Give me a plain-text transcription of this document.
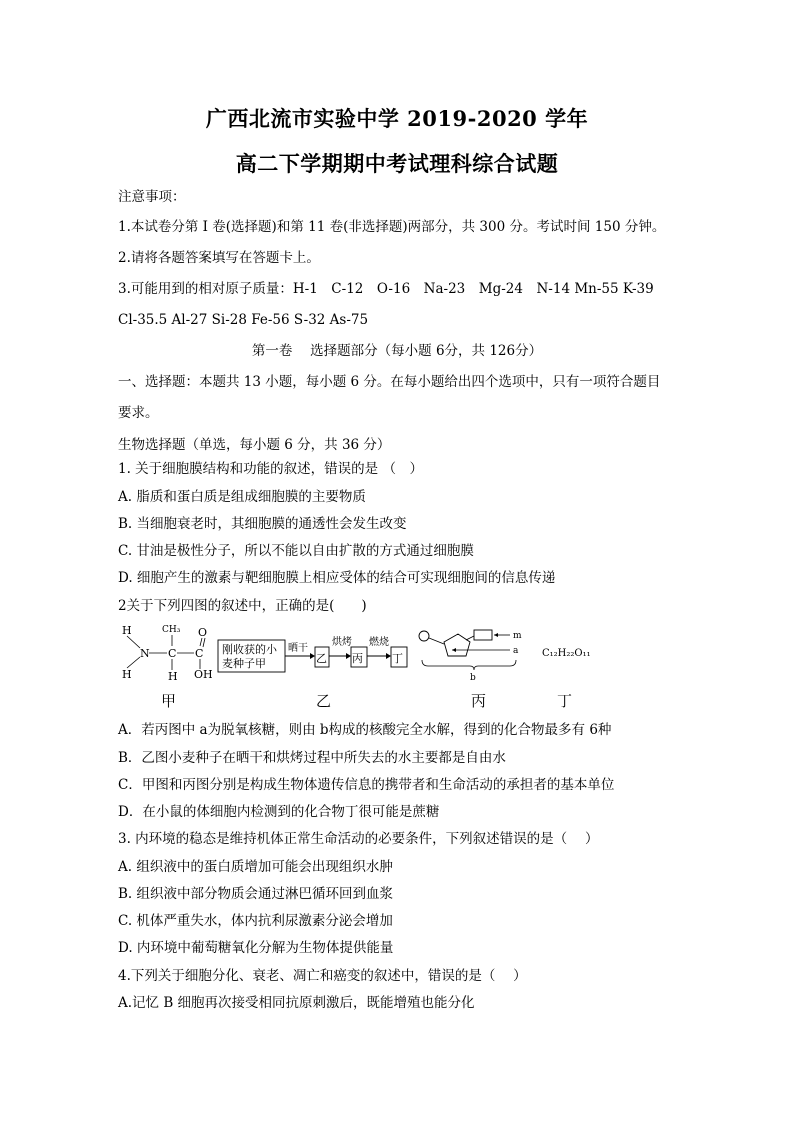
广西北流市实验中学 2019-2020 学年
高二下学期期中考试理科综合试题
注意事项：
1.本试卷分第 I 卷(选择题)和第 11 卷(非选择题)两部分，共 300 分。考试时间 150 分钟。
2.请将各题答案填写在答题卡上。
3.可能用到的相对原子质量：H-1　C-12　O-16　Na-23　Mg-24　N-14 Mn-55 K-39
Cl-35.5 Al-27 Si-28 Fe-56 S-32 As-75
第一卷　 选择题部分（每小题 6分，共 126分）
一、选择题：本题共 13 小题，每小题 6 分。在每小题给出四个选项中，只有一项符合题目
要求。
生物选择题（单选，每小题 6 分，共 36 分）
1. 关于细胞膜结构和功能的叙述，错误的是 （　）
A. 脂质和蛋白质是组成细胞膜的主要物质
B. 当细胞衰老时，其细胞膜的通透性会发生改变
C. 甘油是极性分子，所以不能以自由扩散的方式通过细胞膜
D. 细胞产生的激素与靶细胞膜上相应受体的结合可实现细胞间的信息传递
2关于下列四图的叙述中，正确的是(　　)
H
H
N
CH₃
C
H
C
O
OH
刚收获的小
麦种子甲
晒干
乙
烘烤
丙
燃烧
丁
m
a
b
C₁₂H₂₂O₁₁
甲	乙	丙	丁
A．若丙图中 a为脱氧核糖，则由 b构成的核酸完全水解，得到的化合物最多有 6种
B．乙图小麦种子在晒干和烘烤过程中所失去的水主要都是自由水
C．甲图和丙图分别是构成生物体遗传信息的携带者和生命活动的承担者的基本单位
D．在小鼠的体细胞内检测到的化合物丁很可能是蔗糖
3. 内环境的稳态是维持机体正常生命活动的必要条件，下列叙述错误的是（　 ）
A. 组织液中的蛋白质增加可能会出现组织水肿
B. 组织液中部分物质会通过淋巴循环回到血浆
C. 机体严重失水，体内抗利尿激素分泌会增加
D. 内环境中葡萄糖氧化分解为生物体提供能量
4.下列关于细胞分化、衰老、凋亡和癌变的叙述中，错误的是（　 ）
A.记忆 B 细胞再次接受相同抗原刺激后，既能增殖也能分化
